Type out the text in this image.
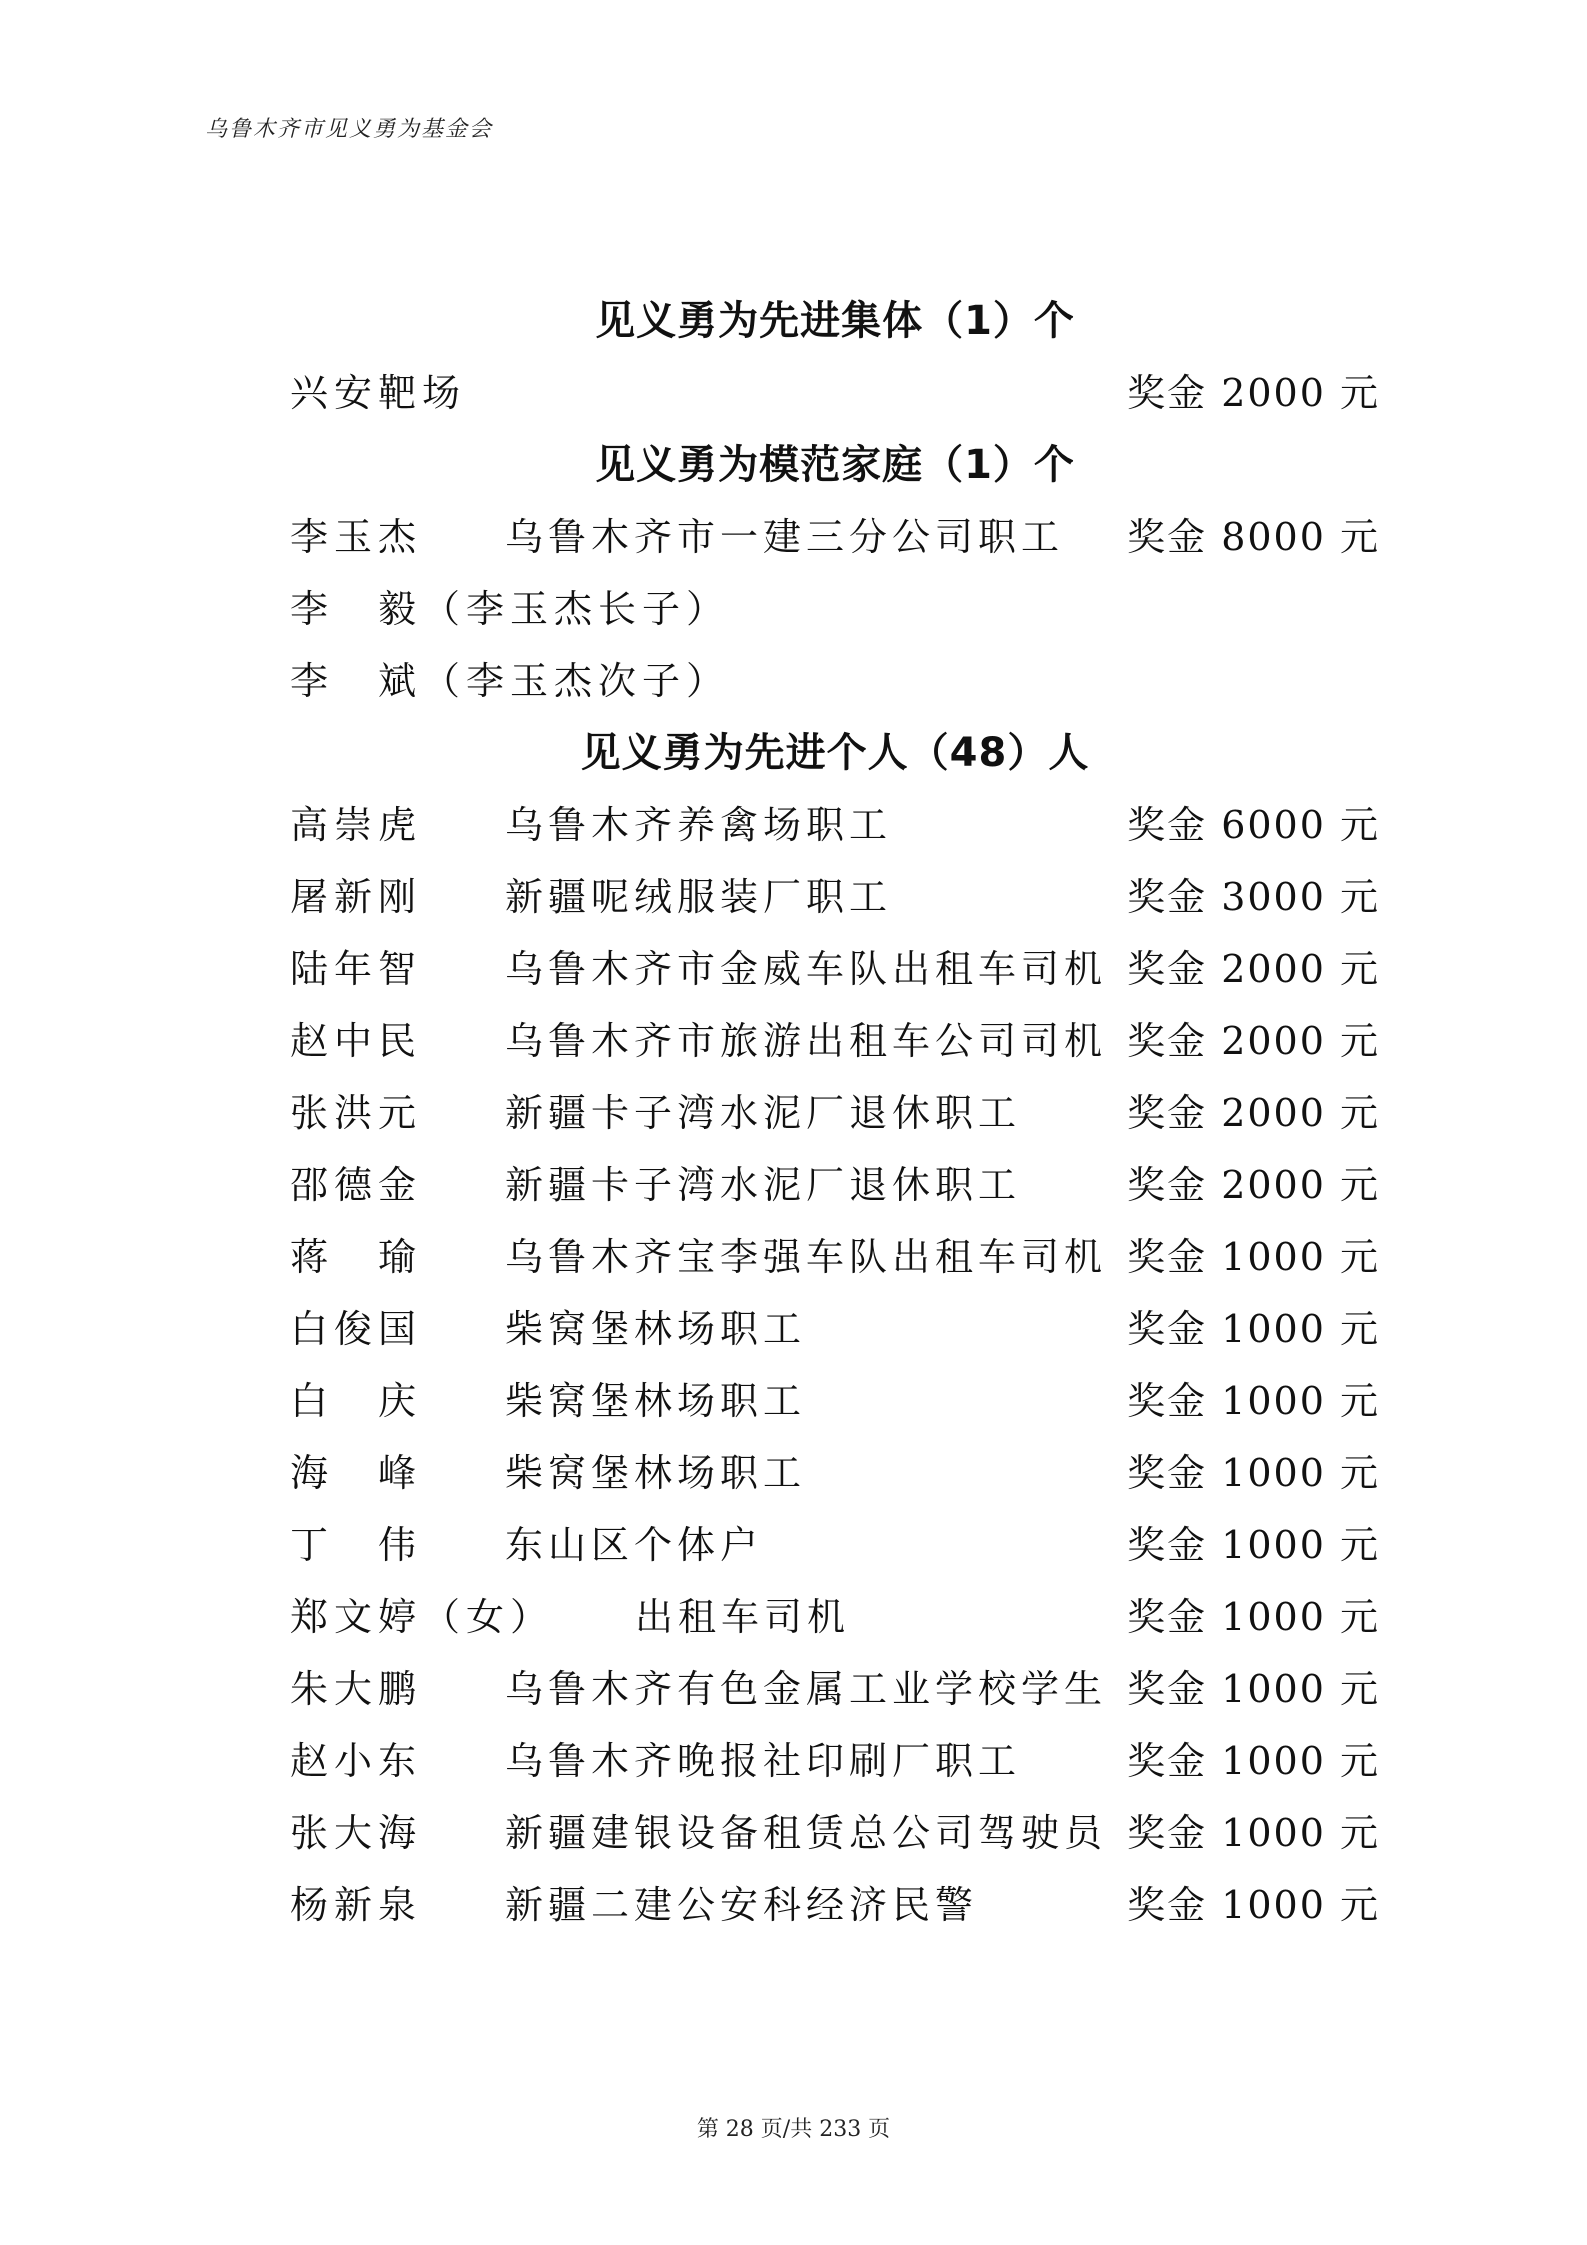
乌鲁木齐市见义勇为基金会
见义勇为先进集体（1）个
兴安靶场	奖金 2000 元
见义勇为模范家庭（1）个
李玉杰 乌鲁木齐市一建三分公司职工 奖金 8000 元
李　毅（李玉杰长子）
李　斌（李玉杰次子）
见义勇为先进个人（48）人
高崇虎 乌鲁木齐养禽场职工	奖金 6000 元
屠新刚 新疆呢绒服装厂职工	奖金 3000 元
陆年智 乌鲁木齐市金威车队出租车司机 奖金 2000 元
赵中民 乌鲁木齐市旅游出租车公司司机 奖金 2000 元
张洪元 新疆卡子湾水泥厂退休职工	奖金 2000 元
邵德金 新疆卡子湾水泥厂退休职工	奖金 2000 元
蒋　瑜 乌鲁木齐宝李强车队出租车司机 奖金 1000 元
白俊国 柴窝堡林场职工	奖金 1000 元
白　庆 柴窝堡林场职工	奖金 1000 元
海　峰 柴窝堡林场职工	奖金 1000 元
丁　伟 东山区个体户	奖金 1000 元
郑文婷（女） 出租车司机	奖金 1000 元
朱大鹏 乌鲁木齐有色金属工业学校学生 奖金 1000 元
赵小东 乌鲁木齐晚报社印刷厂职工	奖金 1000 元
张大海 新疆建银设备租赁总公司驾驶员 奖金 1000 元
杨新泉 新疆二建公安科经济民警	奖金 1000 元
第 28 页/共 233 页
